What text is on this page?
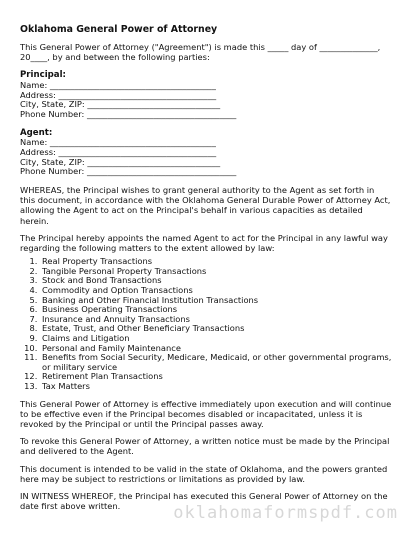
Oklahoma General Power of Attorney
This General Power of Attorney ("Agreement") is made this _____ day of ______________,
20____, by and between the following parties:
Principal:
Name: ________________________________________
Address: ______________________________________
City, State, ZIP: ________________________________
Phone Number: ____________________________________
Agent:
Name: ________________________________________
Address: ______________________________________
City, State, ZIP: ________________________________
Phone Number: ____________________________________

WHEREAS, the Principal wishes to grant general authority to the Agent as set forth in this document, in accordance with the Oklahoma General Durable Power of Attorney Act, allowing the Agent to act on the Principal's behalf in various capacities as detailed herein.

The Principal hereby appoints the named Agent to act for the Principal in any lawful way regarding the following matters to the extent allowed by law:

1. Real Property Transactions
2. Tangible Personal Property Transactions
3. Stock and Bond Transactions
4. Commodity and Option Transactions
5. Banking and Other Financial Institution Transactions
6. Business Operating Transactions
7. Insurance and Annuity Transactions
8. Estate, Trust, and Other Beneficiary Transactions
9. Claims and Litigation
10. Personal and Family Maintenance
11. Benefits from Social Security, Medicare, Medicaid, or other governmental programs, or military service
12. Retirement Plan Transactions
13. Tax Matters

This General Power of Attorney is effective immediately upon execution and will continue to be effective even if the Principal becomes disabled or incapacitated, unless it is revoked by the Principal or until the Principal passes away.

To revoke this General Power of Attorney, a written notice must be made by the Principal and delivered to the Agent.

This document is intended to be valid in the state of Oklahoma, and the powers granted here may be subject to restrictions or limitations as provided by law.

IN WITNESS WHEREOF, the Principal has executed this General Power of Attorney on the date first above written.	oklahomaformspdf.com
